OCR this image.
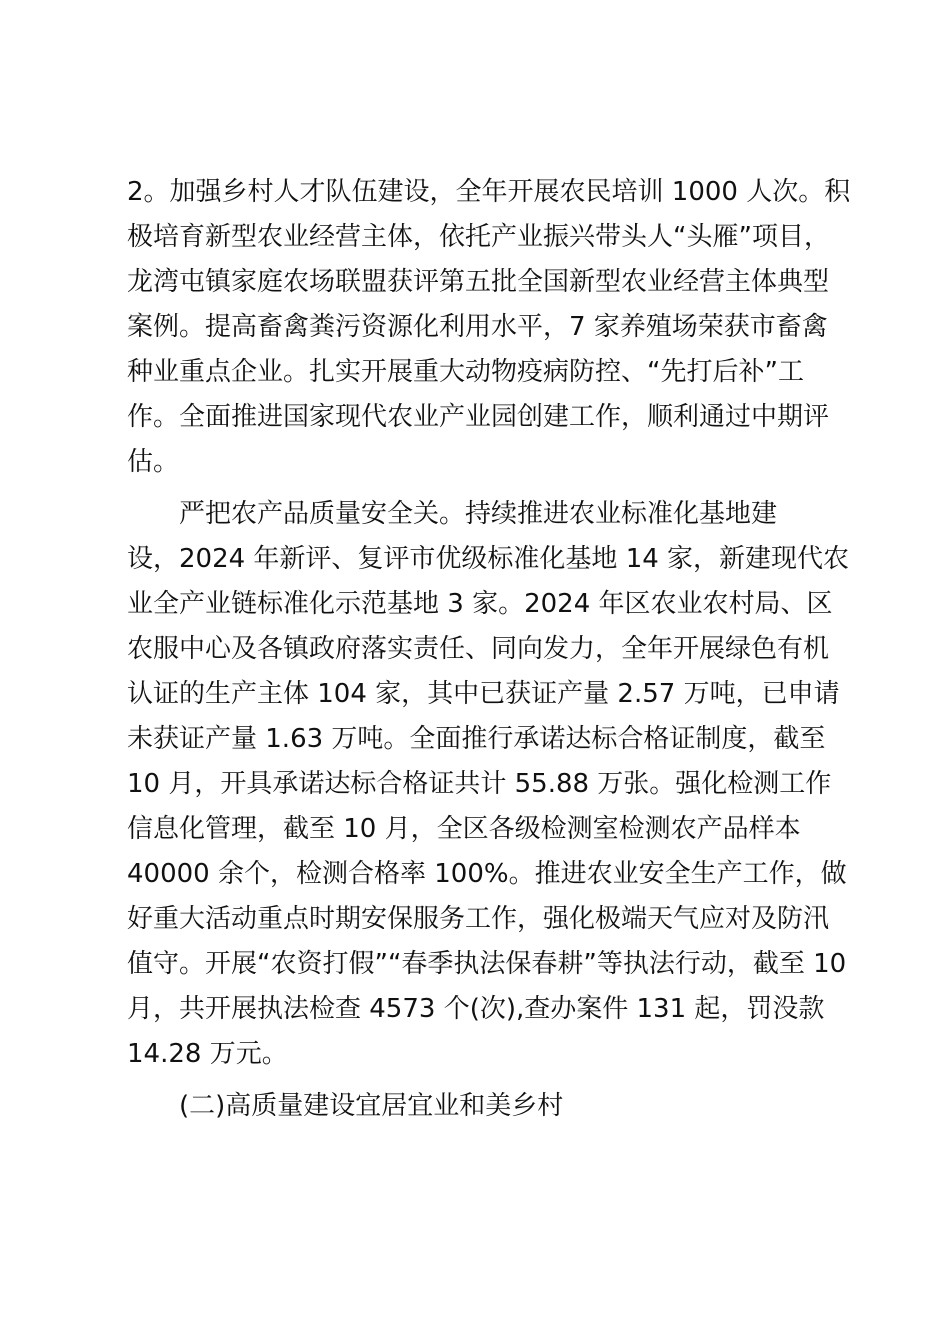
2。加强乡村人才队伍建设，全年开展农民培训 1000 人次。积
极培育新型农业经营主体，依托产业振兴带头人“头雁”项目，
龙湾屯镇家庭农场联盟获评第五批全国新型农业经营主体典型
案例。提高畜禽粪污资源化利用水平，7 家养殖场荣获市畜禽
种业重点企业。扎实开展重大动物疫病防控、“先打后补”工
作。全面推进国家现代农业产业园创建工作，顺利通过中期评
估。
严把农产品质量安全关。持续推进农业标准化基地建
设，2024 年新评、复评市优级标准化基地 14 家，新建现代农
业全产业链标准化示范基地 3 家。2024 年区农业农村局、区
农服中心及各镇政府落实责任、同向发力，全年开展绿色有机
认证的生产主体 104 家，其中已获证产量 2.57 万吨，已申请
未获证产量 1.63 万吨。全面推行承诺达标合格证制度，截至
10 月，开具承诺达标合格证共计 55.88 万张。强化检测工作
信息化管理，截至 10 月，全区各级检测室检测农产品样本
40000 余个，检测合格率 100%。推进农业安全生产工作，做
好重大活动重点时期安保服务工作，强化极端天气应对及防汛
值守。开展“农资打假”“春季执法保春耕”等执法行动，截至 10
月，共开展执法检查 4573 个(次),查办案件 131 起，罚没款
14.28 万元。
(二)高质量建设宜居宜业和美乡村
